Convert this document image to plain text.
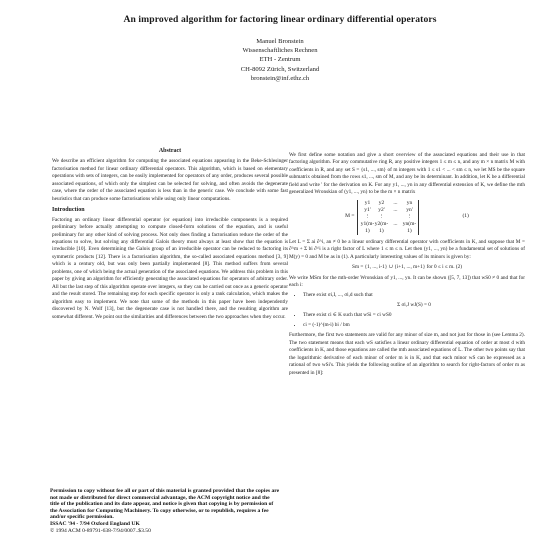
An improved algorithm for factoring linear ordinary differential operators
Manuel Bronstein
Wissenschaftliches Rechnen
ETH - Zentrum
CH-8092 Zürich, Switzerland
bronstein@inf.ethz.ch
Abstract

We describe an efficient algorithm for computing the associated equations appearing in the Beke-Schlesinger factorisation method for linear ordinary differential operators. This algorithm, which is based on elementary operations with sets of integers, can be easily implemented for operators of any order, produces several possible associated equations, of which only the simplest can be selected for solving, and often avoids the degenerate case, where the order of the associated equation is less than in the generic case. We conclude with some fast heuristics that can produce some factorisations while using only linear computations.

Introduction

Factoring an ordinary linear differential operator (or equation) into irreducible components is a required preliminary before actually attempting to compute closed-form solutions of the equation, and is useful preliminary for any other kind of solving process. Not only does finding a factorisation reduce the order of the equations to solve, but solving any differential Galois theory must always at least show that the equation is irreducible [10]. Even determining the Galois group of an irreducible operator can be reduced to factoring its symmetric products [12]. There is a factorisation algorithm, the so-called associated equations method [3, 9] which is a century old, but was only been partially implemented [8]. This method suffers from several problems, one of which being the actual generation of the associated equations. We address this problem in this paper by giving an algorithm for efficiently generating the associated equations for operators of arbitrary order. All but the last step of this algorithm operate over integers, so they can be carried out once as a generic operator and the result stored. The remaining step for each specific operator is only a rank calculation, which makes the algorithm easy to implement. We note that some of the methods in this paper have been independently discovered by N. Wolf [13], but the degenerate case is not handled there, and the resulting algorithm are somewhat different. We point out the similarities and differences between the two approaches when they occur.

Permission to copy without fee all or part of this material is granted provided that the copies are not made or distributed for direct commercial advantage, the ACM copyright notice and the title of the publication and its date appear, and notice is given that copying is by permission of the Association for Computing Machinery. To copy otherwise, or to republish, requires a fee and/or specific permission.
ISSAC '94 - 7/94 Oxford England UK
© 1994 ACM 0-89791-638-7/94/0007..$3.50

We first define some notation and give a short overview of the associated equations and their use in that factoring algorithm. For any commutative ring R, any positive integers 1 ≤ m ≤ n, and any m × n matrix M with coefficients in R, and any set S = {s1, ..., sm} of m integers with 1 ≤ s1 < ... < sm ≤ n, we let MS be the square submatrix obtained from the rows s1, ..., sm of M, and any be its determinant. In addition, let K be a differential field and write ' for the derivation on K. For any y1, ..., yn in any differential extension of K, we define the mth generalized Wronskian of (y1, ..., yn) to be the m × n matrix

M =
y1	y2	...	yn
y1'	y2'	...	yn'
⋮	⋮	⋮
y1(m-1)
y2(m-1)
... yn(m-1)
(1)

Let L = Σ ai ∂^i, an ≠ 0 be a linear ordinary differential operator with coefficients in K, and suppose that M = ∂^m + Σ bi ∂^i is a right factor of L where 1 ≤ m ≤ n. Let then (y1, ..., yn) be a fundamental set of solutions of M(y) = 0 and M be as in (1). A particularly interesting values of its minors is given by:

Sm = {1, ..., i-1} ∪ {i+1, ..., m+1} for 0 ≤ i ≤ m. (2)

We write MSm for the mth-order Wronskian of y1, ..., yn. It can be shown ([5, 7, 13]) that wS0 ≠ 0 and that for each i:

• There exist σi,I, ..., σi,d such that
Σ σi,J wJ(S) = 0
• There exist ci ∈ K such that wSi = ci wS0
• ci = (-1)^(m-i) bi / bm

Furthermore, the first two statements are valid for any minor of size m, and not just for those in (see Lemma 2). The two statement means that each wS satisfies a linear ordinary differential equation of order at most d with coefficients in K, and those equations are called the mth associated equations of L. The other two points say that the logarithmic derivative of each minor of order m is in K, and that each minor wS can be expressed as a rational of two wSi's. This yields the following outline of an algorithm to search for right-factors of order m as presented in [8]:
